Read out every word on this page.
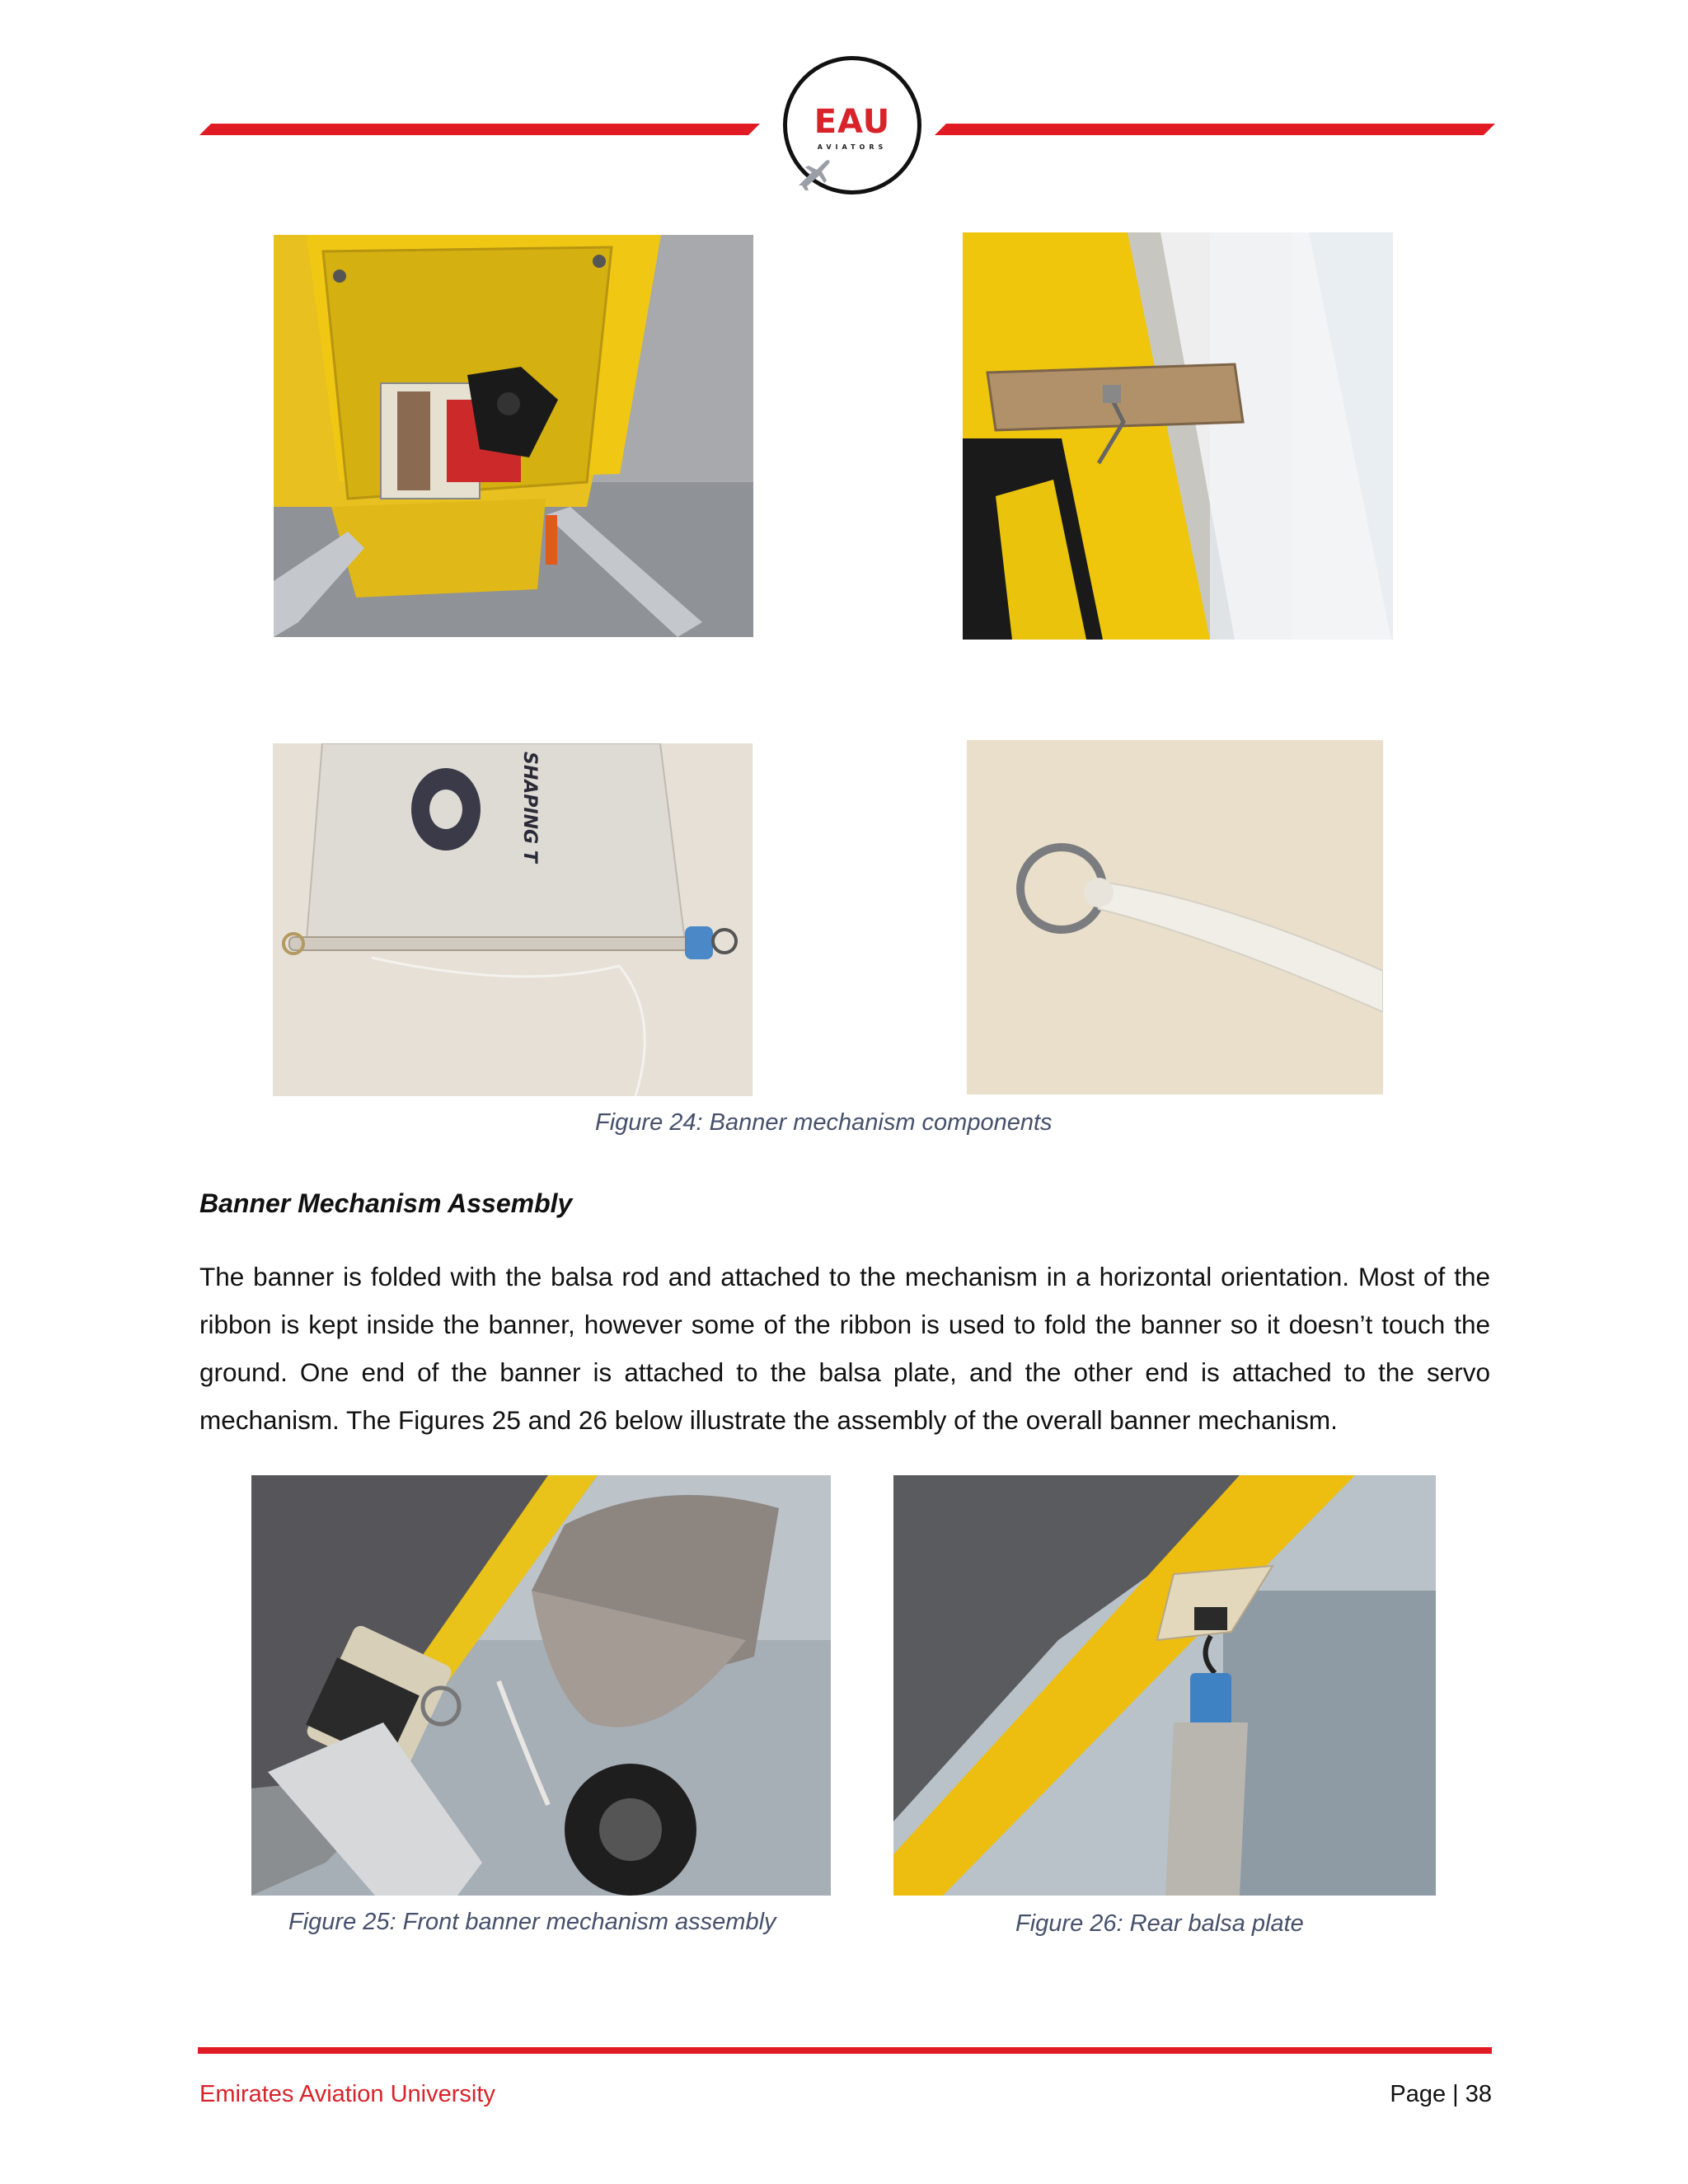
EAU
AVIATORS
SHAPING T
Figure 24: Banner mechanism components
Banner Mechanism Assembly
The banner is folded with the balsa rod and attached to the mechanism in a horizontal orientation. Most of the ribbon is kept inside the banner, however some of the ribbon is used to fold the banner so it doesn’t touch the ground. One end of the banner is attached to the balsa plate, and the other end is attached to the servo mechanism. The Figures 25 and 26 below illustrate the assembly of the overall banner mechanism.
Figure 25: Front banner mechanism assembly	Figure 26: Rear balsa plate
Emirates Aviation University	Page | 38
